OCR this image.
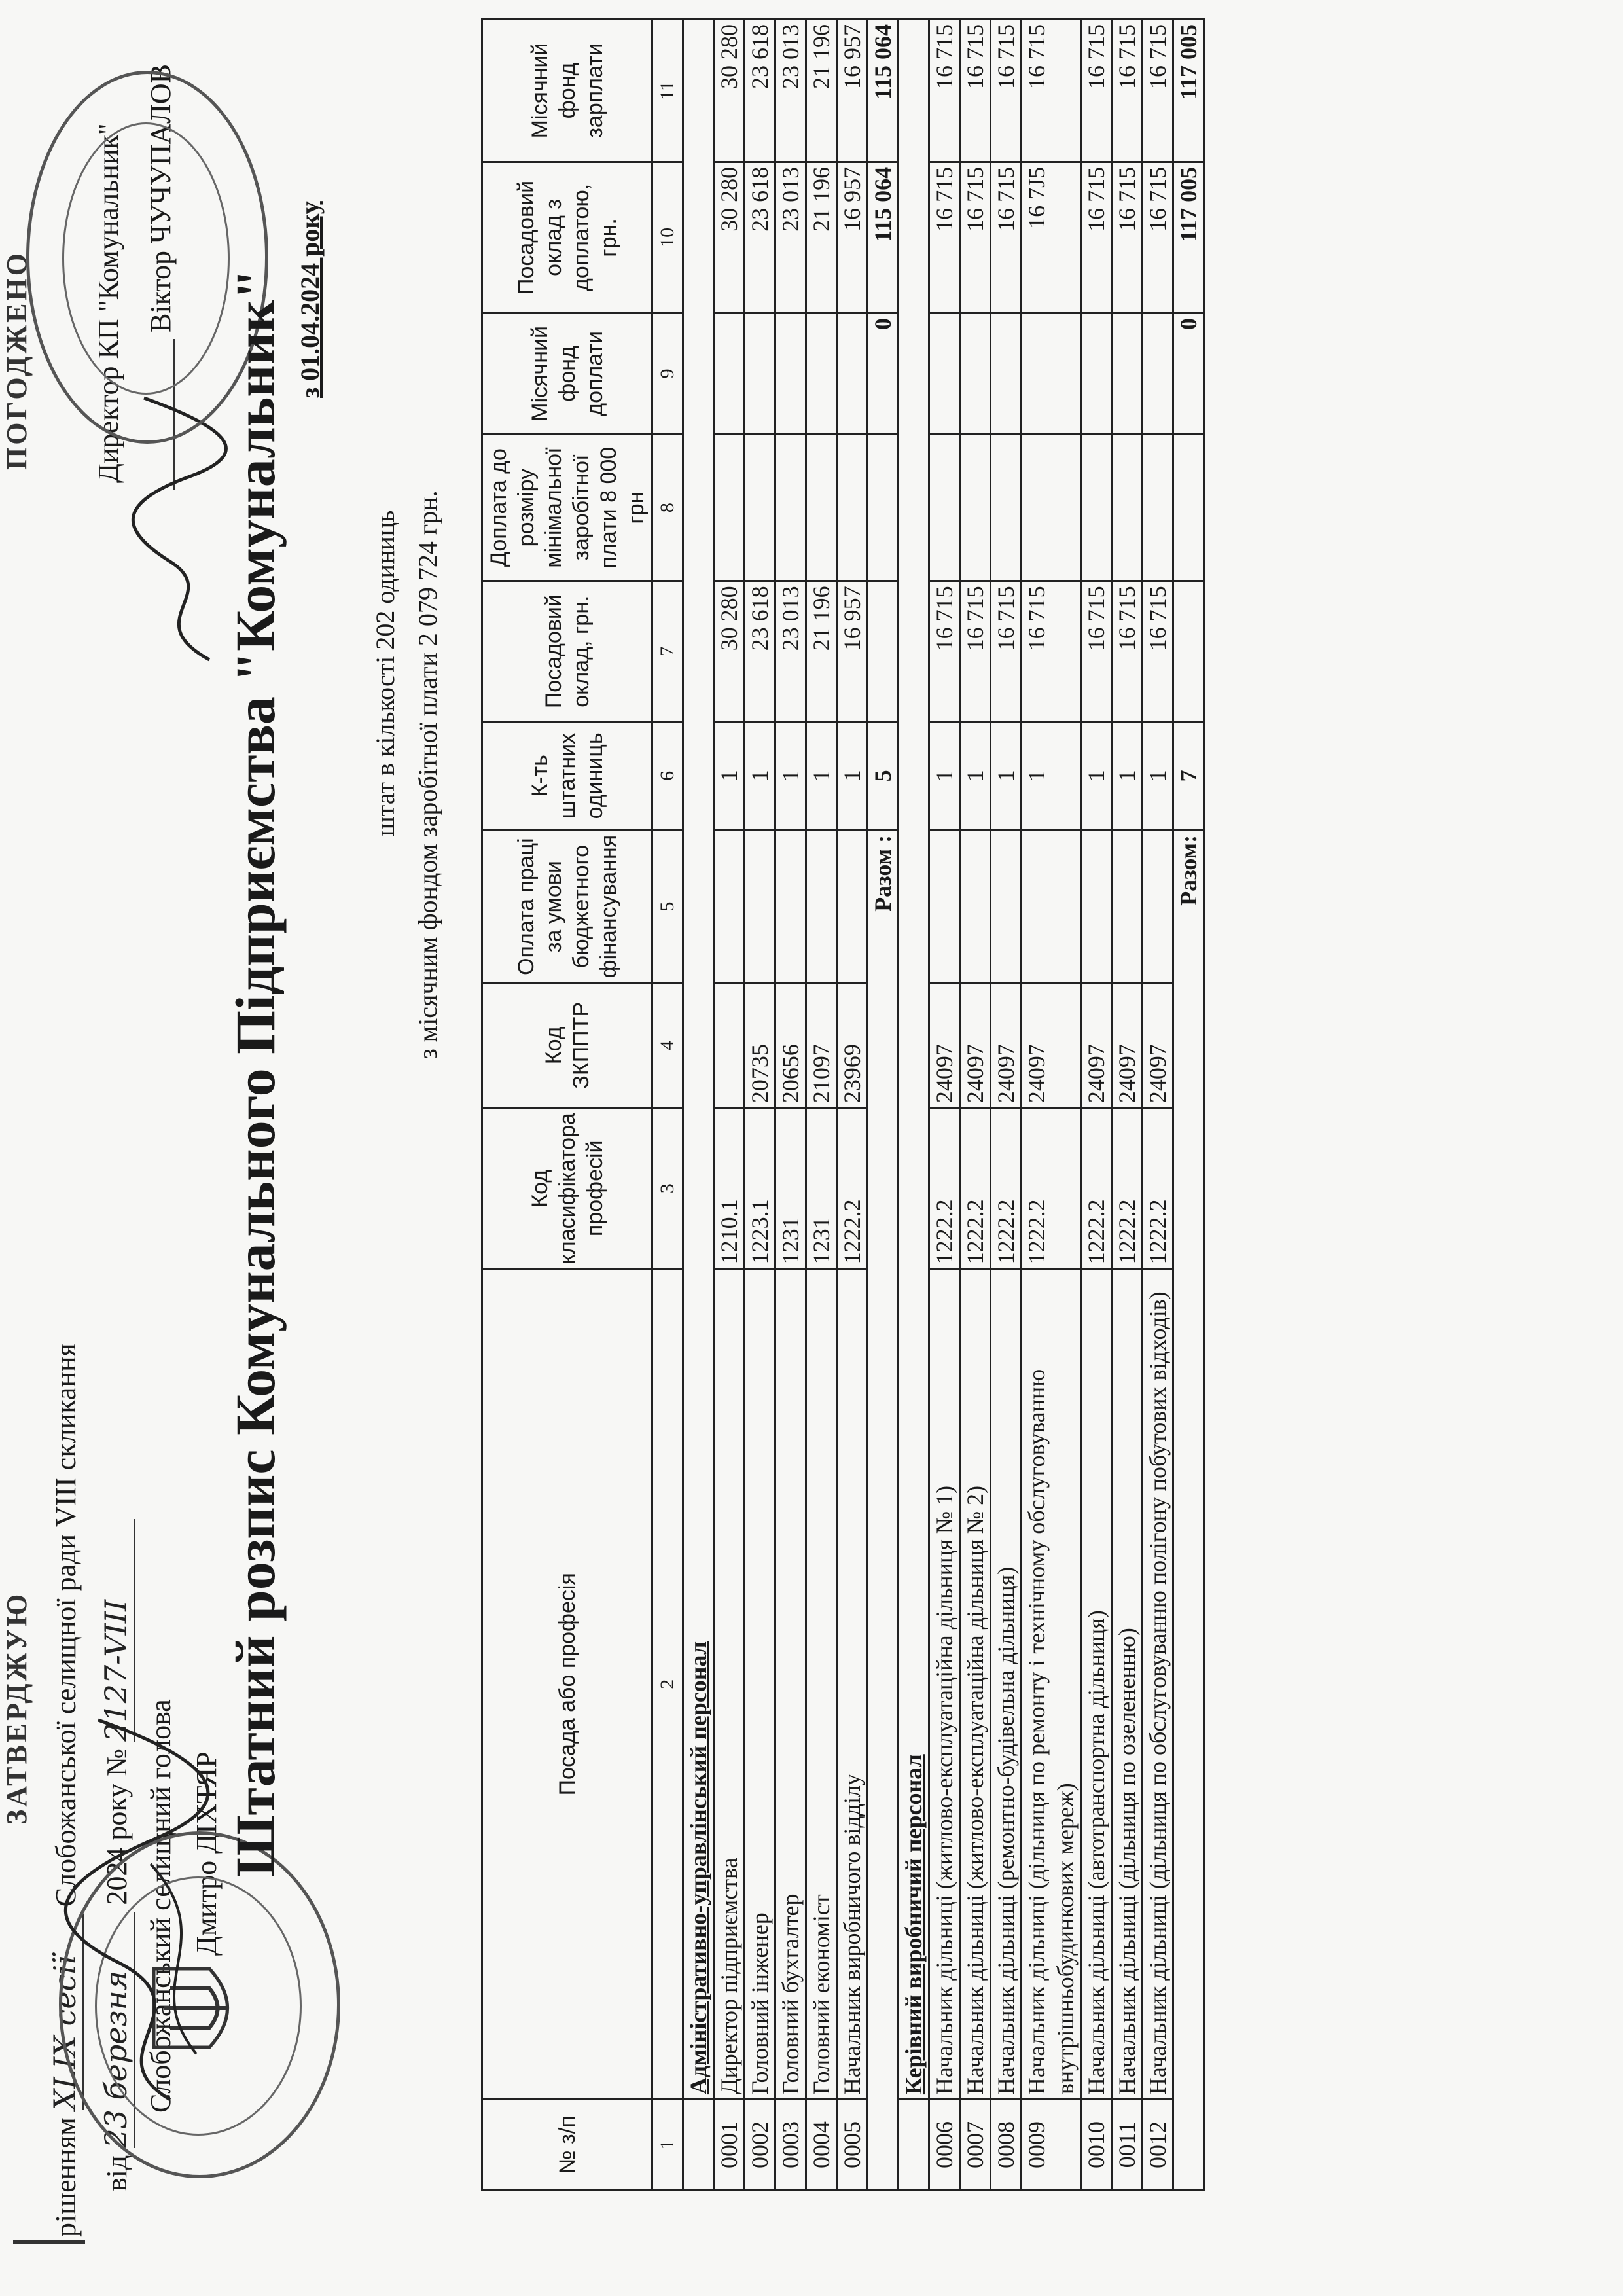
ЗАТВЕРДЖУЮ
рішенням XLIX сесії Слобожанської селищної ради VIII скликання
від 23 березня 2024 року № 2127-VIII
Слобожанський селищний голова Дмитро ДІХТЯР
ПОГОДЖЕНО Директор КП "Комунальник" Віктор ЧУЧУПАЛОВ
Штатний розпис Комунального Підприємства "Комунальник" з 01.04.2024 року
штат в кількості 202 одиниць з місячним фондом заробітної плати 2 079 724 грн.
№ з/п	Посада або професія	Код класифікатора професій	Код ЗКППТР	Оплата праці за умови бюджетного фінансування	К-ть штатних одиниць	Посадовий оклад, грн.	Доплата до розміру мінімальної заробітної плати 8 000 грн	Місячний фонд доплати	Посадовий оклад з доплатою, грн.	Місячний фонд зарплати
1	2	3	4	5	6	7	8	9	10	11
	Адміністративно-управлінський персонал									
0001	Директор підприємства	1210.1			1	30 280			30 280	30 280
0002	Головний інженер	1223.1	20735		1	23 618			23 618	23 618
0003	Головний бухгалтер	1231	20656		1	23 013			23 013	23 013
0004	Головний економіст	1231	21097		1	21 196			21 196	21 196
0005	Начальник виробничого відділу	1222.2	23969		1	16 957			16 957	16 957
Разом :					5			0	115 064	115 064
	Керівний виробничий персонал									
0006	Начальник дільниці (житлово-експлуатаційна дільниця № 1)	1222.2	24097		1	16 715			16 715	16 715
0007	Начальник дільниці (житлово-експлуатаційна дільниця № 2)	1222.2	24097		1	16 715			16 715	16 715
0008	Начальник дільниці (ремонтно-будівельна дільниця)	1222.2	24097		1	16 715			16 715	16 715
0009	Начальник дільниці (дільниця по ремонту і технічному обслуговуванню внутрішньобудинкових мереж)	1222.2	24097		1	16 715			16 7J5	16 715
0010	Начальник дільниці (автотранспортна дільниця)	1222.2	24097		1	16 715			16 715	16 715
0011	Начальник дільниці (дільниця по озелененню)	1222.2	24097		1	16 715			16 715	16 715
0012	Начальник дільниці (дільниця по обслуговуванню полігону побутових відходів)	1222.2	24097		1	16 715			16 715	16 715
Разом:					7			0	117 005	117 005
